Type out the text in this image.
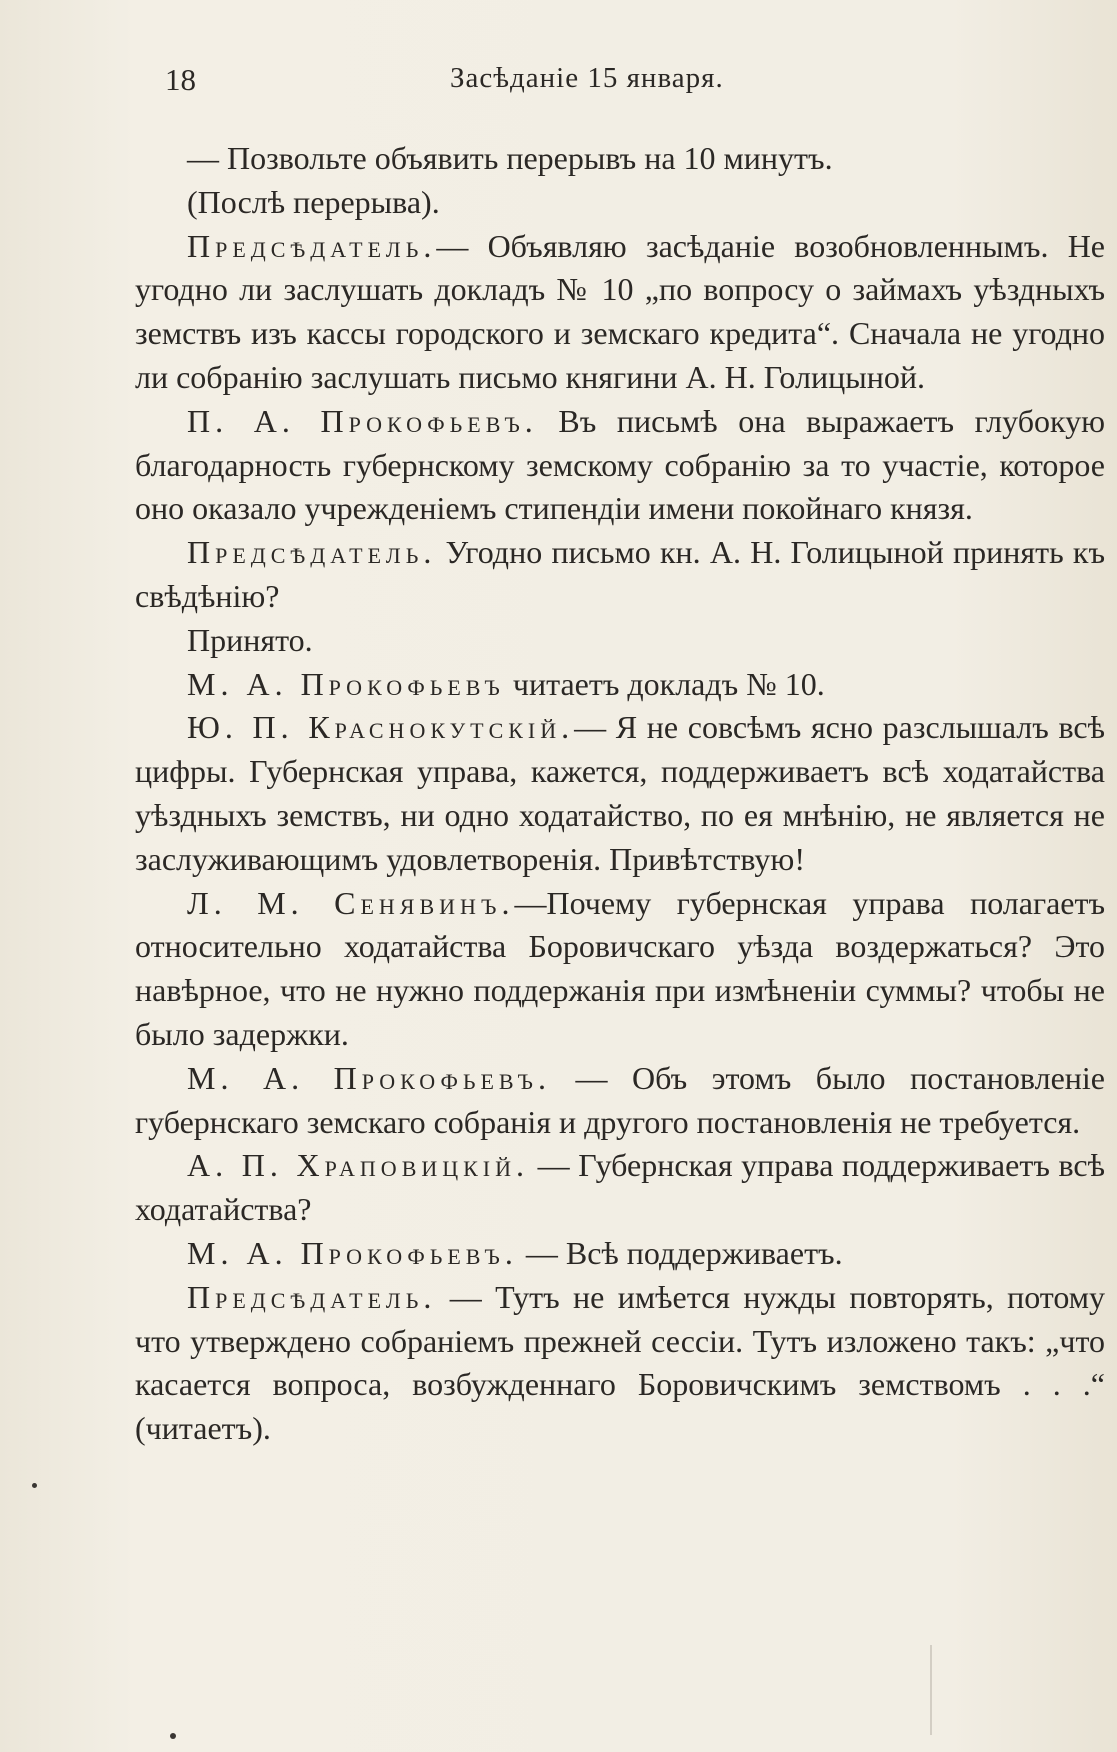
18	Засѣданіе 15 января.

— Позвольте объявить перерывъ на 10 минутъ.

(Послѣ перерыва).

Предсѣдатель.— Объявляю засѣданіе возобновленнымъ. Не угодно ли заслушать докладъ № 10 „по вопросу о займахъ уѣздныхъ земствъ изъ кассы городского и земскаго кредита“. Сначала не угодно ли собранію заслушать письмо княгини А. Н. Голицыной.

П. А. Прокофьевъ. Въ письмѣ она выражаетъ глубокую благодарность губернскому земскому собранію за то участіе, которое оно оказало учрежденіемъ стипендіи имени покойнаго князя.

Предсѣдатель. Угодно письмо кн. А. Н. Голицыной принять къ свѣдѣнію?

Принято.

М. А. Прокофьевъ читаетъ докладъ № 10.

Ю. П. Краснокутскій.— Я не совсѣмъ ясно разслышалъ всѣ цифры. Губернская управа, кажется, поддерживаетъ всѣ ходатайства уѣздныхъ земствъ, ни одно ходатайство, по ея мнѣнію, не является не заслуживающимъ удовлетворенія. Привѣтствую!

Л. М. Сенявинъ.—Почему губернская управа полагаетъ относительно ходатайства Боровичскаго уѣзда воздержаться? Это навѣрное, что не нужно поддержанія при измѣненіи суммы? чтобы не было задержки.

М. А. Прокофьевъ. — Объ этомъ было постановленіе губернскаго земскаго собранія и другого постановленія не требуется.

А. П. Храповицкій. — Губернская управа поддерживаетъ всѣ ходатайства?

М. А. Прокофьевъ. — Всѣ поддерживаетъ.

Предсѣдатель. — Тутъ не имѣется нужды повторять, потому что утверждено собраніемъ прежней сессіи. Тутъ изложено такъ: „что касается вопроса, возбужденнаго Боровичскимъ земствомъ . . .“ (читаетъ).
